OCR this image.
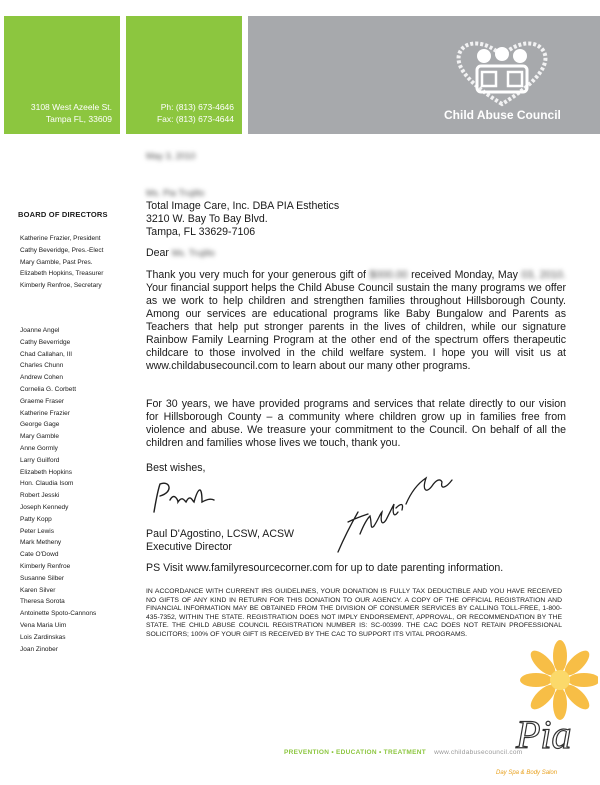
3108 West Azeele St.
Tampa FL, 33609
Ph: (813) 673-4646
Fax: (813) 673-4644	Child Abuse Council
BOARD OF DIRECTORS
Katherine Frazier, President
Cathy Beveridge, Pres.-Elect
Mary Gamble, Past Pres.
Elizabeth Hopkins, Treasurer
Kimberly Renfroe, Secretary
Joanne Angel
Cathy Beverridge
Chad Callahan, III
Charles Chunn
Andrew Cohen
Cornelia G. Corbett
Graeme Fraser
Katherine Frazier
George Gage
Mary Gamble
Anne Gormly
Larry Guilford
Elizabeth Hopkins
Hon. Claudia Isom
Robert Jesski
Joseph Kennedy
Patty Kopp
Peter Lewis
Mark Metheny
Cate O'Dowd
Kimberly Renfroe
Susanne Silber
Karen Silver
Theresa Sorota
Antoinette Spoto-Cannons
Vena Maria Uim
Lois Zardinskas
Joan Zinober
May 3, 2010
Ms. Pia Trujillo
Total Image Care, Inc. DBA PIA Esthetics
3210 W. Bay To Bay Blvd.
Tampa, FL 33629-7106
Dear Ms. Trujillo
Thank you very much for your generous gift of $000.00 received Monday, May 03, 2010. Your financial support helps the Child Abuse Council sustain the many programs we offer as we work to help children and strengthen families throughout Hillsborough County. Among our services are educational programs like Baby Bungalow and Parents as Teachers that help put stronger parents in the lives of children, while our signature Rainbow Family Learning Program at the other end of the spectrum offers therapeutic childcare to those involved in the child welfare system. I hope you will visit us at www.childabusecouncil.com to learn about our many other programs.
For 30 years, we have provided programs and services that relate directly to our vision for Hillsborough County – a community where children grow up in families free from violence and abuse. We treasure your commitment to the Council. On behalf of all the children and families whose lives we touch, thank you.
Best wishes,
Paul D'Agostino, LCSW, ACSW
Executive Director
PS Visit www.familyresourcecorner.com for up to date parenting information.
IN ACCORDANCE WITH CURRENT IRS GUIDELINES, YOUR DONATION IS FULLY TAX DEDUCTIBLE AND YOU HAVE RECEIVED NO GIFTS OF ANY KIND IN RETURN FOR THIS DONATION TO OUR AGENCY. A COPY OF THE OFFICIAL REGISTRATION AND FINANCIAL INFORMATION MAY BE OBTAINED FROM THE DIVISION OF CONSUMER SERVICES BY CALLING TOLL-FREE, 1-800-435-7352, WITHIN THE STATE. REGISTRATION DOES NOT IMPLY ENDORSEMENT, APPROVAL, OR RECOMMENDATION BY THE STATE. THE CHILD ABUSE COUNCIL REGISTRATION NUMBER IS: SC-00399. THE CAC DOES NOT RETAIN PROFESSIONAL SOLICITORS; 100% OF YOUR GIFT IS RECEIVED BY THE CAC TO SUPPORT ITS VITAL PROGRAMS.
Pia
Day Spa & Body Salon
PREVENTION • EDUCATION • TREATMENT www.childabusecouncil.com
